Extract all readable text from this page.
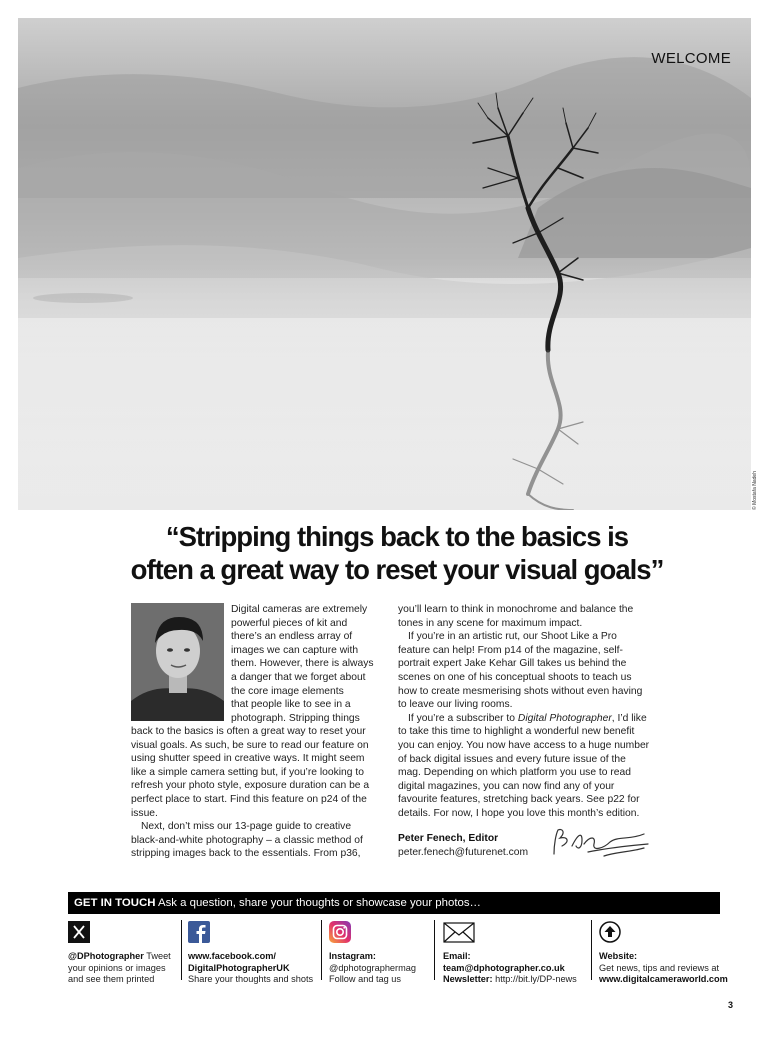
WELCOME
© Mostafa Nadeh
“Stripping things back to the basics is
often a great way to reset your visual goals”
Digital cameras are extremely
powerful pieces of kit and
there’s an endless array of
images we can capture with
them. However, there is always
a danger that we forget about
the core image elements
that people like to see in a
photograph. Stripping things

back to the basics is often a great way to reset your visual goals. As such, be sure to read our feature on using shutter speed in creative ways. It might seem like a simple camera setting but, if you’re looking to refresh your photo style, exposure duration can be a perfect place to start. Find this feature on p24 of the issue.

Next, don’t miss our 13-page guide to creative black-and-white photography – a classic method of stripping images back to the essentials. From p36,

you’ll learn to think in monochrome and balance the tones in any scene for maximum impact.

If you’re in an artistic rut, our Shoot Like a Pro feature can help! From p14 of the magazine, self-portrait expert Jake Kehar Gill takes us behind the scenes on one of his conceptual shoots to teach us how to create mesmerising shots without even having to leave our living rooms.

If you’re a subscriber to Digital Photographer, I’d like to take this time to highlight a wonderful new benefit you can enjoy. You now have access to a huge number of back digital issues and every future issue of the mag. Depending on which platform you use to read digital magazines, you can now find any of your favourite features, stretching back years. See p22 for details. For now, I hope you love this month’s edition.

Peter Fenech, Editor
peter.fenech@futurenet.com
GET IN TOUCH Ask a question, share your thoughts or showcase your photos…
@DPhotographer Tweet
your opinions or images
and see them printed
www.facebook.com/
DigitalPhotographerUK
Share your thoughts and shots
Instagram:
@dphotographermag
Follow and tag us
Email:
team@dphotographer.co.uk
Newsletter: http://bit.ly/DP-news
Website:
Get news, tips and reviews at
www.digitalcameraworld.com
3
